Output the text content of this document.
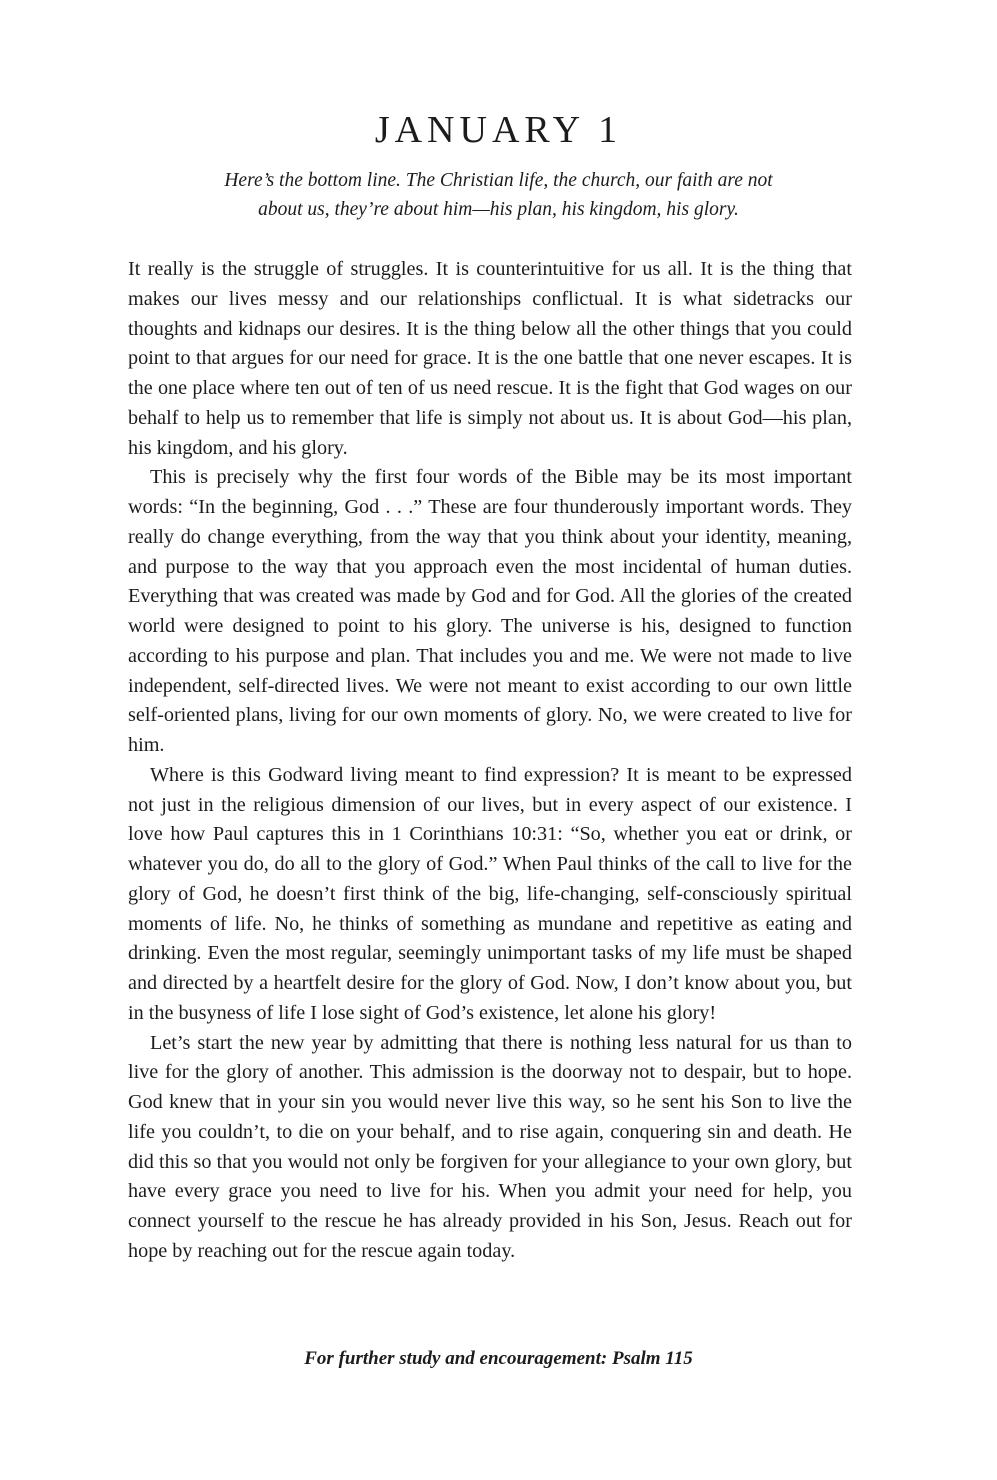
JANUARY 1
Here’s the bottom line. The Christian life, the church, our faith are not
about us, they’re about him—his plan, his kingdom, his glory.

It really is the struggle of struggles. It is counterintuitive for us all. It is the thing that makes our lives messy and our relationships conflictual. It is what sidetracks our thoughts and kidnaps our desires. It is the thing below all the other things that you could point to that argues for our need for grace. It is the one battle that one never escapes. It is the one place where ten out of ten of us need rescue. It is the fight that God wages on our behalf to help us to remember that life is simply not about us. It is about God—his plan, his kingdom, and his glory.

This is precisely why the first four words of the Bible may be its most important words: “In the beginning, God . . .” These are four thunderously important words. They really do change everything, from the way that you think about your identity, meaning, and purpose to the way that you approach even the most incidental of human duties. Everything that was created was made by God and for God. All the glories of the created world were designed to point to his glory. The universe is his, designed to function according to his purpose and plan. That includes you and me. We were not made to live independent, self-directed lives. We were not meant to exist according to our own little self-oriented plans, living for our own moments of glory. No, we were created to live for him.

Where is this Godward living meant to find expression? It is meant to be expressed not just in the religious dimension of our lives, but in every aspect of our existence. I love how Paul captures this in 1 Corinthians 10:31: “So, whether you eat or drink, or whatever you do, do all to the glory of God.” When Paul thinks of the call to live for the glory of God, he doesn’t first think of the big, life-changing, self-consciously spiritual moments of life. No, he thinks of something as mundane and repetitive as eating and drinking. Even the most regular, seemingly unimportant tasks of my life must be shaped and directed by a heartfelt desire for the glory of God. Now, I don’t know about you, but in the busyness of life I lose sight of God’s existence, let alone his glory!

Let’s start the new year by admitting that there is nothing less natural for us than to live for the glory of another. This admission is the doorway not to despair, but to hope. God knew that in your sin you would never live this way, so he sent his Son to live the life you couldn’t, to die on your behalf, and to rise again, conquering sin and death. He did this so that you would not only be forgiven for your allegiance to your own glory, but have every grace you need to live for his. When you admit your need for help, you connect yourself to the rescue he has already provided in his Son, Jesus. Reach out for hope by reaching out for the rescue again today.

For further study and encouragement: Psalm 115
